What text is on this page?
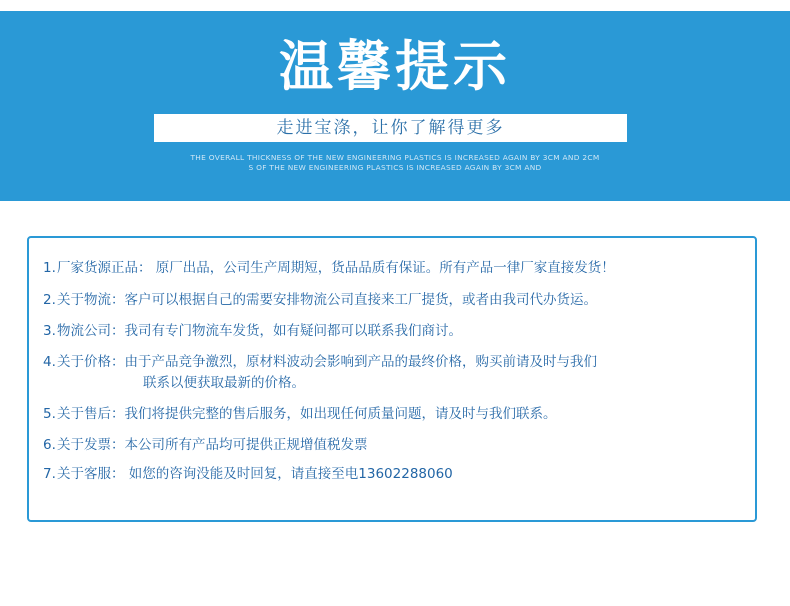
温馨提示
走进宝涤，让你了解得更多
THE OVERALL THICKNESS OF THE NEW ENGINEERING PLASTICS IS INCREASED AGAIN BY 3CM AND 2CM
S OF THE NEW ENGINEERING PLASTICS IS INCREASED AGAIN BY 3CM AND
1.厂家货源正品： 原厂出品，公司生产周期短，货品品质有保证。所有产品一律厂家直接发货！
2.关于物流：客户可以根据自己的需要安排物流公司直接来工厂提货，或者由我司代办货运。
3.物流公司：我司有专门物流车发货，如有疑问都可以联系我们商讨。
4.关于价格：由于产品竞争激烈，原材料波动会影响到产品的最终价格，购买前请及时与我们
联系以便获取最新的价格。
5.关于售后：我们将提供完整的售后服务，如出现任何质量问题，请及时与我们联系。
6.关于发票：本公司所有产品均可提供正规增值税发票
7.关于客服： 如您的咨询没能及时回复，请直接至电13602288060
